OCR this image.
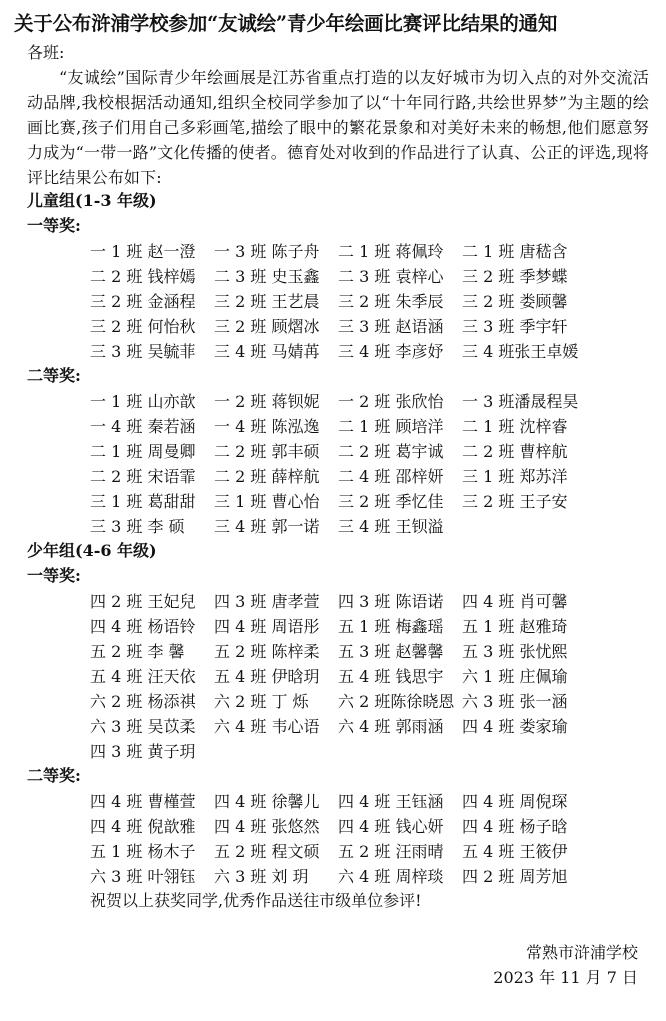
关于公布浒浦学校参加“友诚绘”青少年绘画比赛评比结果的通知
各班:
“友诚绘”国际青少年绘画展是江苏省重点打造的以友好城市为切入点的对外交流活动品牌,我校根据活动通知,组织全校同学参加了以“十年同行路,共绘世界梦”为主题的绘画比赛,孩子们用自己多彩画笔,描绘了眼中的繁花景象和对美好未来的畅想,他们愿意努力成为“一带一路”文化传播的使者。德育处对收到的作品进行了认真、公正的评选,现将评比结果公布如下:
儿童组(1-3 年级)
一等奖:
一 1 班 赵一澄	一 3 班 陈子舟	二 1 班 蒋佩玲	二 1 班 唐嵇含
二 2 班 钱梓嫣	二 3 班 史玉鑫	二 3 班 袁梓心	三 2 班 季梦蝶
三 2 班 金涵程	三 2 班 王艺晨	三 2 班 朱季辰	三 2 班 娄顾馨
三 2 班 何怡秋	三 2 班 顾熠冰	三 3 班 赵语涵	三 3 班 季宇轩
三 3 班 吴毓菲	三 4 班 马婧苒	三 4 班 李彦妤	三 4 班张王卓媛
二等奖:
一 1 班 山亦歆	一 2 班 蒋钡妮	一 2 班 张欣怡	一 3 班潘晟程昊
一 4 班 秦若涵	一 4 班 陈泓逸	二 1 班 顾培洋	二 1 班 沈梓睿
二 1 班 周曼卿	二 2 班 郭丰硕	二 2 班 葛宇诚	二 2 班 曹梓航
二 2 班 宋语霏	二 2 班 薛梓航	二 4 班 邵梓妍	三 1 班 郑苏洋
三 1 班 葛甜甜	三 1 班 曹心怡	三 2 班 季忆佳	三 2 班 王子安
三 3 班 李 硕	三 4 班 郭一诺	三 4 班 王钡溢
少年组(4-6 年级)
一等奖:
四 2 班 王妃兒	四 3 班 唐孝萱	四 3 班 陈语诺	四 4 班 肖可馨
四 4 班 杨语铃	四 4 班 周语彤	五 1 班 梅鑫瑶	五 1 班 赵雅琦
五 2 班 李 馨	五 2 班 陈梓柔	五 3 班 赵馨馨	五 3 班 张忧熙
五 4 班 汪天依	五 4 班 伊晗玥	五 4 班 钱思宇	六 1 班 庄佩瑜
六 2 班 杨添祺	六 2 班 丁 烁	六 2 班陈徐晓恩 六 3 班 张一涵
六 3 班 吴苡柔	六 4 班 韦心语	六 4 班 郭雨涵	四 4 班 娄家瑜
四 3 班 黄子玥
二等奖:
四 4 班 曹槿萱	四 4 班 徐馨儿	四 4 班 王钰涵	四 4 班 周倪琛
四 4 班 倪歆雅	四 4 班 张悠然	四 4 班 钱心妍	四 4 班 杨子晗
五 1 班 杨木子	五 2 班 程文硕	五 2 班 汪雨晴	五 4 班 王筱伊
六 3 班 叶翎钰	六 3 班 刘 玥	六 4 班 周梓琰	四 2 班 周芳旭
祝贺以上获奖同学,优秀作品送往市级单位参评!
常熟市浒浦学校
2023 年 11 月 7 日
